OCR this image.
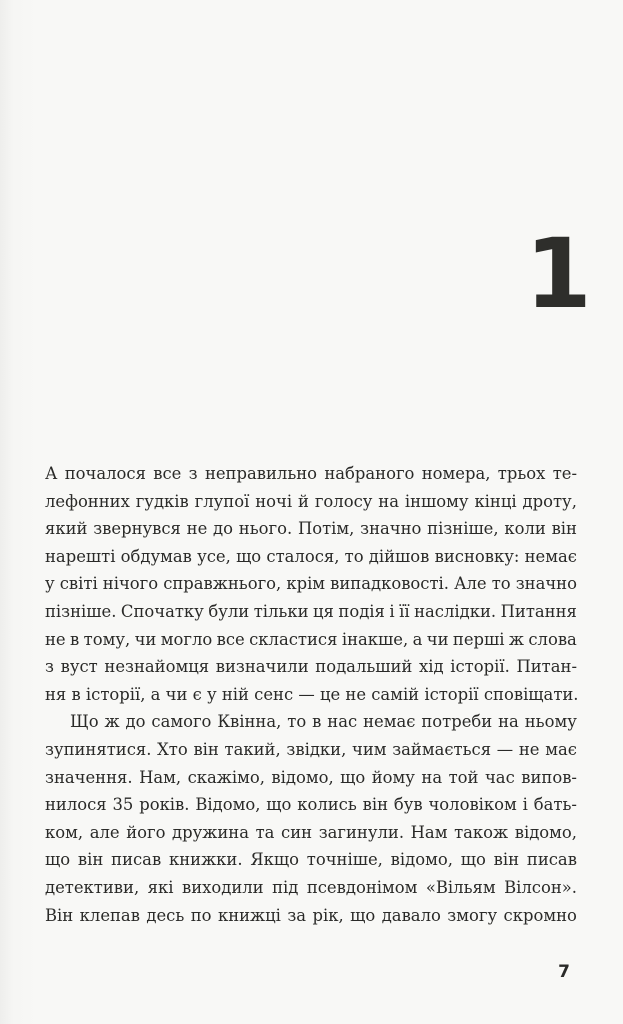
1
А почалося все з неправильно набраного номера, трьох те-
лефонних гудків глупої ночі й голосу на іншому кінці дроту,
який звернувся не до нього. Потім, значно пізніше, коли він
нарешті обдумав усе, що сталося, то дійшов висновку: немає
у світі нічого справжнього, крім випадковості. Але то значно
пізніше. Спочатку були тільки ця подія і її наслідки. Питання
не в тому, чи могло все скластися інакше, а чи перші ж слова
з вуст незнайомця визначили подальший хід історії. Питан-
ня в історії, а чи є у ній сенс — це не самій історії сповіщати.
Що ж до самого Квінна, то в нас немає потреби на ньому
зупинятися. Хто він такий, звідки, чим займається — не має
значення. Нам, скажімо, відомо, що йому на той час випов-
нилося 35 років. Відомо, що колись він був чоловіком і бать-
ком, але його дружина та син загинули. Нам також відомо,
що він писав книжки. Якщо точніше, відомо, що він писав
детективи, які виходили під псевдонімом «Вільям Вілсон».
Він клепав десь по книжці за рік, що давало змогу скромно
7
